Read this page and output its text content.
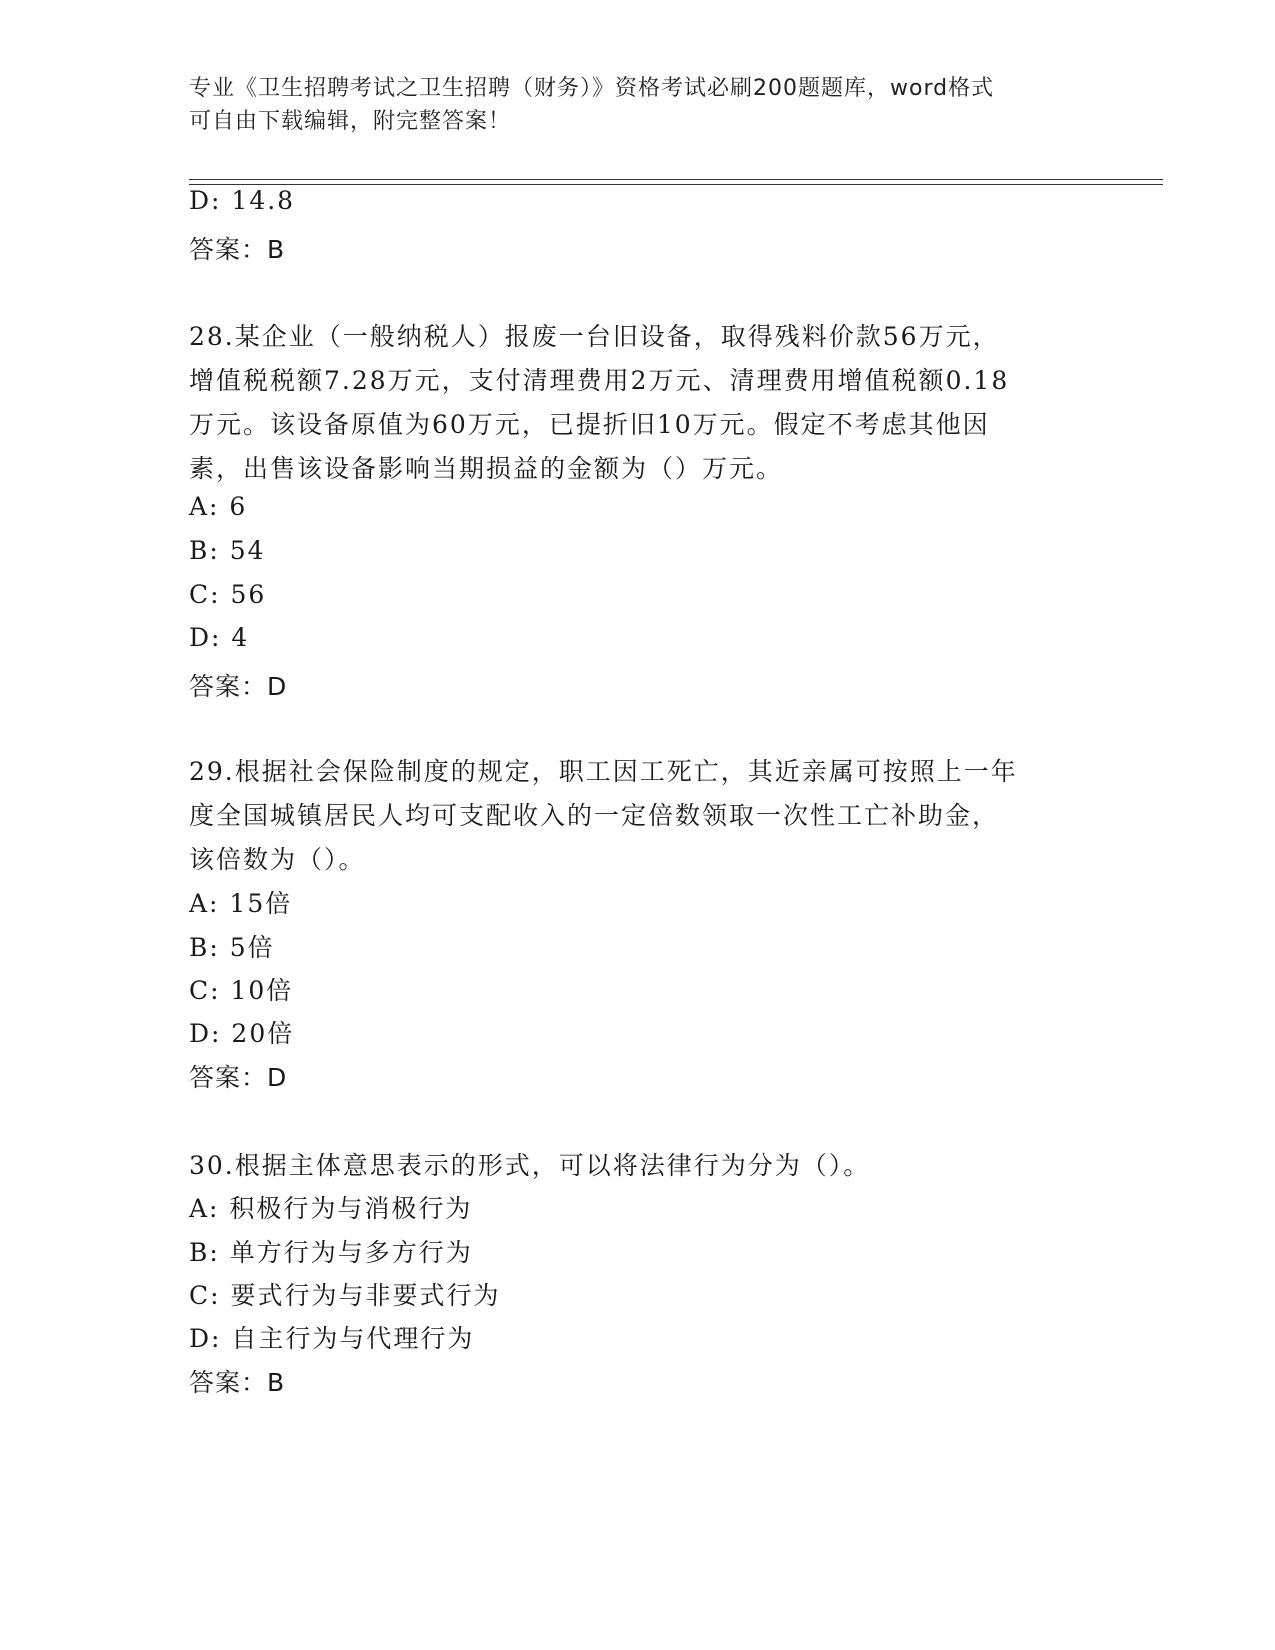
专业《卫生招聘考试之卫生招聘（财务）》资格考试必刷200题题库，word格式
可自由下载编辑，附完整答案！
D: 14.8
答案：B
28.某企业（一般纳税人）报废一台旧设备，取得残料价款56万元，
增值税税额7.28万元，支付清理费用2万元、清理费用增值税额0.18
万元。该设备原值为60万元，已提折旧10万元。假定不考虑其他因
素，出售该设备影响当期损益的金额为（）万元。
A: 6
B: 54
C: 56
D: 4
答案：D
29.根据社会保险制度的规定，职工因工死亡，其近亲属可按照上一年
度全国城镇居民人均可支配收入的一定倍数领取一次性工亡补助金，
该倍数为（）。
A: 15倍
B: 5倍
C: 10倍
D: 20倍
答案：D
30.根据主体意思表示的形式，可以将法律行为分为（）。
A: 积极行为与消极行为
B: 单方行为与多方行为
C: 要式行为与非要式行为
D: 自主行为与代理行为
答案：B
